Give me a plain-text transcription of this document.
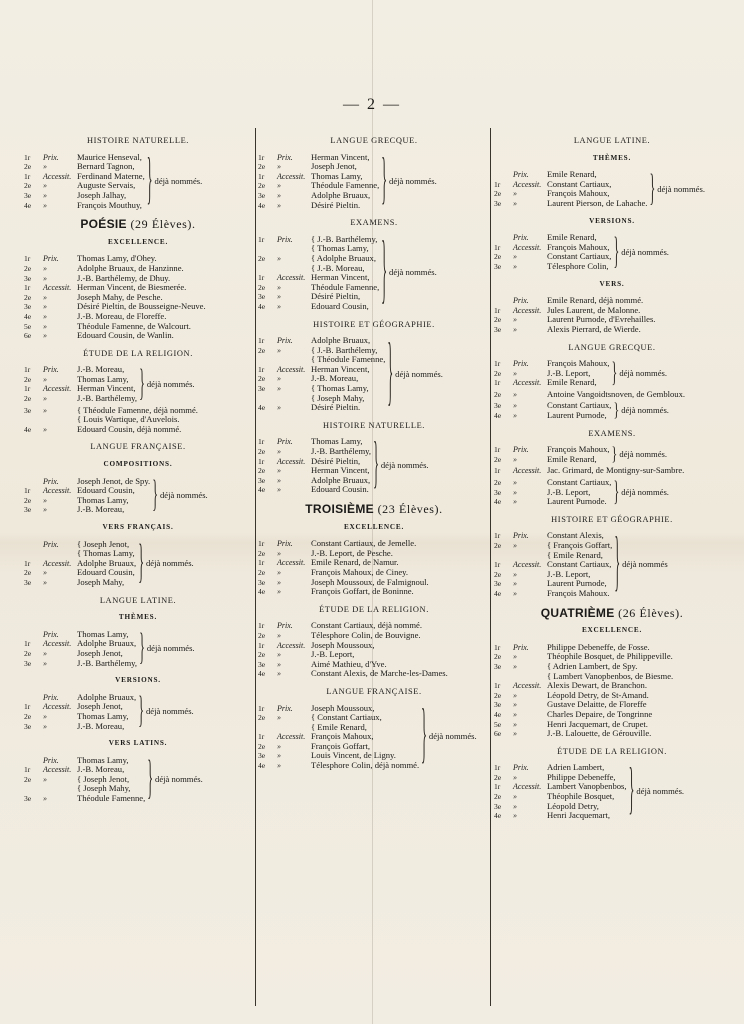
— 2 —
HISTOIRE NATURELLE.
1r	Prix.	Maurice Henseval,
2e	»	Bernard Tagnon,
1r	Accessit. Ferdinand Materne,
2e	»	Auguste Servais,
3e	»	Joseph Jalhay,
4e	»	François Mouthuy, } déjà nommés.
POÉSIE (29 Élèves).
EXCELLENCE.
1r	Prix.	Thomas Lamy, d'Ohey.
2e	»	Adolphe Bruaux, de Hanzinne.
3e	»	J.-B. Barthélemy, de Dhuy.
1r	Accessit. Herman Vincent, de Biesmerée.
2e	»	Joseph Mahy, de Pesche.
3e	»	Désiré Pieltin, de Bousseigne-Neuve.
4e	»	J.-B. Moreau, de Floreffe.
5e	»	Théodule Famenne, de Walcourt.
6e	»	Edouard Cousin, de Wanlin.
ÉTUDE DE LA RELIGION.
1r	Prix.	J.-B. Moreau,
2e	»	Thomas Lamy,
1r	Accessit. Herman Vincent,
2e	»	J.-B. Barthélemy, } déjà nommés.
3e	»	{ Théodule Famenne, déjà nommé.
{ Louis Wartique, d'Auvelois.
4e	»	Edouard Cousin, déjà nommé.
LANGUE FRANÇAISE.
COMPOSITIONS.
Prix.	Joseph Jenot, de Spy.
1r	Accessit. Edouard Cousin,
2e	»	Thomas Lamy,
3e	»	J.-B. Moreau, } déjà nommés.
VERS FRANÇAIS.
Prix.	{ Joseph Jenot,
{ Thomas Lamy,
1r	Accessit. Adolphe Bruaux,
2e	»	Edouard Cousin,
3e	»	Joseph Mahy, } déjà nommés.
LANGUE LATINE.
THÈMES.
Prix.	Thomas Lamy,
1r	Accessit. Adolphe Bruaux,
2e	»	Joseph Jenot,
3e	»	J.-B. Barthélemy, } déjà nommés.
VERSIONS.
Prix.	Adolphe Bruaux,
1r	Accessit. Joseph Jenot,
2e	»	Thomas Lamy,
3e	»	J.-B. Moreau, } déjà nommés.
VERS LATINS.
Prix.	Thomas Lamy,
1r	Accessit. J.-B. Moreau,
2e	»	{ Joseph Jenot,
{ Joseph Mahy,
3e	»	Théodule Famenne, } déjà nommés.
LANGUE GRECQUE.
1r	Prix.	Herman Vincent,
2e	»	Joseph Jenot,
1r	Accessit. Thomas Lamy,
2e	»	Théodule Famenne,
3e	»	Adolphe Bruaux,
4e	»	Désiré Pieltin. } déjà nommés.
EXAMENS.
1r	Prix.	{ J.-B. Barthélemy,
{ Thomas Lamy,
2e	»	{ Adolphe Bruaux,
{ J.-B. Moreau,
1r	Accessit. Herman Vincent,
2e	»	Théodule Famenne,
3e	»	Désiré Pieltin,
4e	»	Edouard Cousin, } déjà nommés.
HISTOIRE ET GÉOGRAPHIE.
1r	Prix.	Adolphe Bruaux,
2e	»	{ J.-B. Barthélemy,
{ Théodule Famenne,
1r	Accessit. Herman Vincent,
2e	»	J.-B. Moreau,
3e	»	{ Thomas Lamy,
{ Joseph Mahy,
4e	»	Désiré Pieltin. } déjà nommés.
HISTOIRE NATURELLE.
1r	Prix.	Thomas Lamy,
2e	»	J.-B. Barthélemy,
1r	Accessit. Désiré Pieltin,
2e	»	Herman Vincent,
3e	»	Adolphe Bruaux,
4e	»	Edouard Cousin. } déjà nommés.
TROISIÈME (23 Élèves).
EXCELLENCE.
1r	Prix.	Constant Cartiaux, de Jemelle.
2e	»	J.-B. Leport, de Pesche.
1r	Accessit. Emile Renard, de Namur.
2e	»	François Mahoux, de Ciney.
3e	»	Joseph Moussoux, de Falmignoul.
4e	»	François Goffart, de Boninne.
ÉTUDE DE LA RELIGION.
1r	Prix.	Constant Cartiaux, déjà nommé.
2e	»	Télesphore Colin, de Bouvigne.
1r	Accessit. Joseph Moussoux,
2e	»	J.-B. Leport,
3e	»	Aimé Mathieu, d'Yve.
4e	»	Constant Alexis, de Marche-les-Dames.
LANGUE FRANÇAISE.
1r	Prix.	Joseph Moussoux,
2e	»	{ Constant Cartiaux,
{ Emile Renard,
1r	Accessit. François Mahoux,
2e	»	François Goffart,
3e	»	Louis Vincent, de Ligny.
4e	»	Télesphore Colin, déjà nommé. } déjà nommés.
LANGUE LATINE.
THÈMES.
Prix.	Emile Renard,
1r	Accessit. Constant Cartiaux,
2e	»	François Mahoux,
3e	»	Laurent Pierson, de Lahache. } déjà nommés.
VERSIONS.
Prix.	Emile Renard,
1r	Accessit. François Mahoux,
2e	»	Constant Cartiaux,
3e	»	Télesphore Colin, } déjà nommés.
VERS.
Prix.	Emile Renard, déjà nommé.
1r	Accessit. Jules Laurent, de Malonne.
2e	»	Laurent Purnode, d'Evrehailles.
3e	»	Alexis Pierrard, de Wierde.
LANGUE GRECQUE.
1r	Prix.	François Mahoux,
2e	»	J.-B. Leport,
1r	Accessit. Emile Renard, } déjà nommés.
2e	»	Antoine Vangoidtsnoven, de Gembloux.
3e	»	Constant Cartiaux,
4e	»	Laurent Purnode, } déjà nommés.
EXAMENS.
1r	Prix.	François Mahoux,
2e	»	Emile Renard, } déjà nommés.
1r	Accessit. Jac. Grimard, de Montigny-sur-Sambre.
2e	»	Constant Cartiaux,
3e	»	J.-B. Leport,
4e	»	Laurent Purnode. } déjà nommés.
HISTOIRE ET GÉOGRAPHIE.
1r	Prix.	Constant Alexis,
2e	»	{ François Goffart,
{ Emile Renard,
1r	Accessit. Constant Cartiaux,
2e	»	J.-B. Leport,
3e	»	Laurent Purnode,
4e	»	François Mahoux. } déjà nommés
QUATRIÈME (26 Élèves).
EXCELLENCE.
1r	Prix.	Philippe Debeneffe, de Fosse.
2e	»	Théophile Bosquet, de Philippeville.
3e	»	{ Adrien Lambert, de Spy.
{ Lambert Vanopbenbos, de Biesme.
1r	Accessit. Alexis Dewart, de Branchon.
2e	»	Léopold Detry, de St-Amand.
3e	»	Gustave Delaitte, de Floreffe
4e	»	Charles Depaire, de Tongrinne
5e	»	Henri Jacquemart, de Crupet.
6e	»	J.-B. Lalouette, de Gérouville.
ÉTUDE DE LA RELIGION.
1r	Prix.	Adrien Lambert,
2e	»	Philippe Debeneffe,
1r	Accessit. Lambert Vanopbenbos,
2e	»	Théophile Bosquet,
3e	»	Léopold Detry,
4e	»	Henri Jacquemart, } déjà nommés.
